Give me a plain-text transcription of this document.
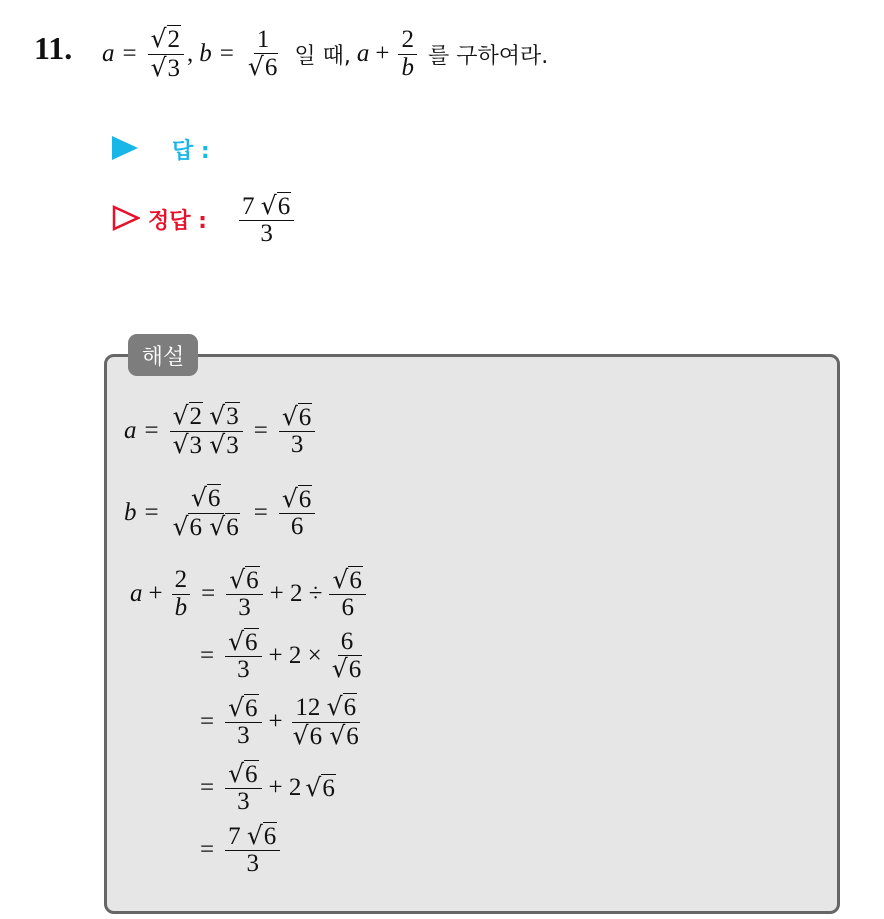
11. $a = \frac{√2}{√3}$ , $b = \frac{1}{√6}$ 일 때, $a + \frac{2}{b}$ 를 구하여라.
답 :
정답 : $\frac{7 √6}{3}$
해설
$a = \frac{√2 √3}{√3 √3} = \frac{√6}{3}$
$b = \frac{√6}{√6 √6} = \frac{√6}{6}$
$a + \frac{2}{b} = \frac{√6}{3} + 2 \div \frac{√6}{6}$
= $\frac{√6}{3} + 2 \times \frac{6}{√6}$
= $\frac{√6}{3} + \frac{12 √6}{√6 √6}$
= $\frac{√6}{3} + 2$ √6
= $\frac{7 √6}{3}$
